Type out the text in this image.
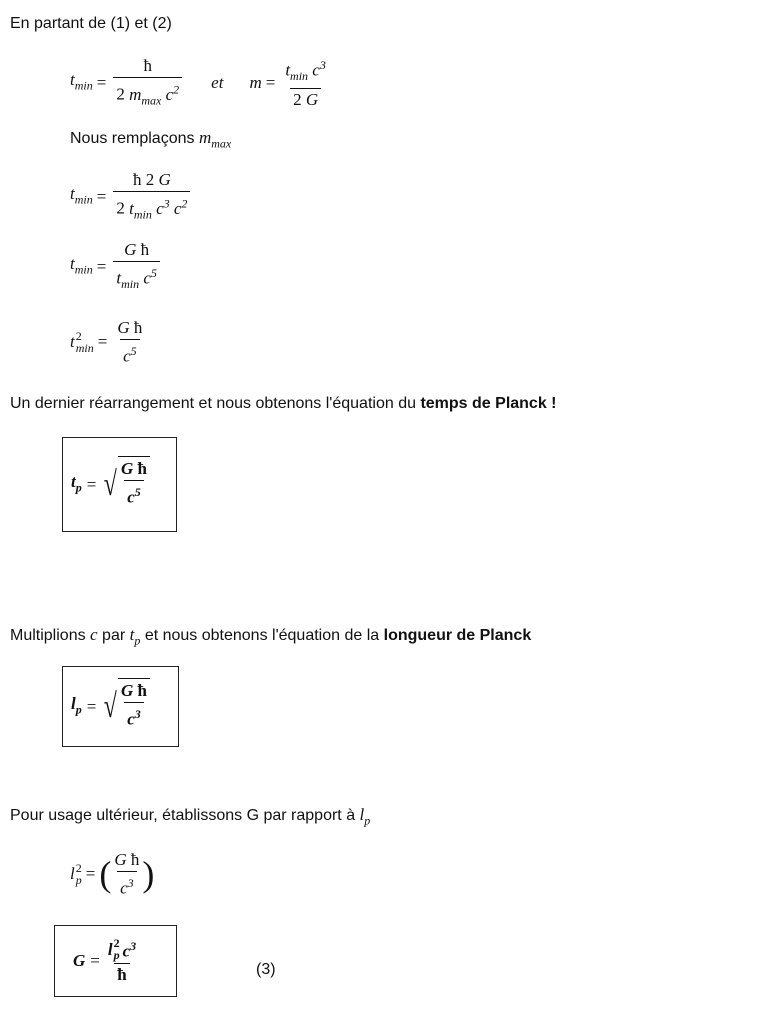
En partant de (1) et (2)
$t_{min} = \frac{ħ}{2 m_{max} c^2}$ et $m = \frac{t_{min} c^3}{2 G}$
Nous remplaçons $m_{max}$
$t_{min} = \frac{ħ 2 G}{2 t_{min} c^3 c^2}$
$t_{min} = \frac{\text{G ħ}}{t_{min} c^5}$
t 2
$\min = \frac{\text{G ħ}}{c^5}$
Un dernier réarrangement et nous obtenons l'équation du temps de Planck !
$t_p$ = √ $\frac{\text{G ħ}}{c^5}$
Multiplions c par $t_p$ et nous obtenons l'équation de la longueur de Planck
$l_p$ = √ $\frac{\text{G ħ}}{c^3}$
Pour usage ultérieur, établissons G par rapport à $l_p$
l 2
p = ( $\frac{\text{G ħ}}{c^3}$ )
G = l 2
p $c^3$
ħ	(3)
